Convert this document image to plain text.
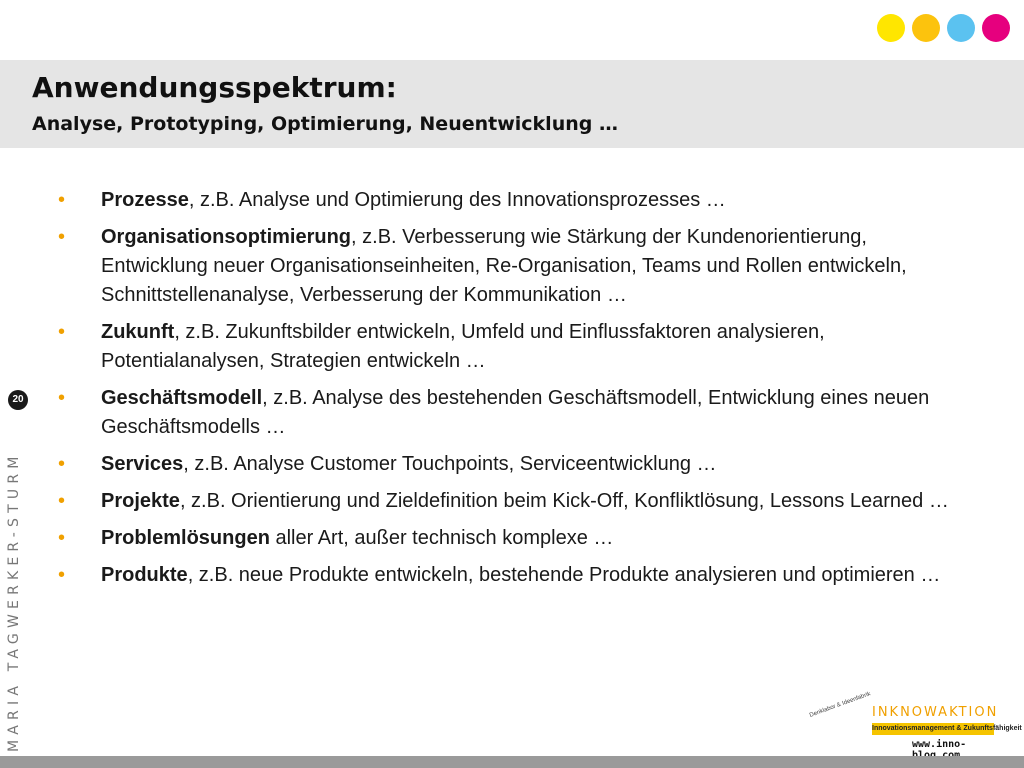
Anwendungsspektrum:
Analyse, Prototyping, Optimierung, Neuentwicklung …
20
MARIA TAGWERKER-STURM
• Prozesse, z.B. Analyse und Optimierung des Innovationsprozesses …
• Organisationsoptimierung, z.B. Verbesserung wie Stärkung der Kundenorientierung, Entwicklung neuer Organisationseinheiten, Re-Organisation, Teams und Rollen entwickeln, Schnittstellenanalyse, Verbesserung der Kommunikation …
• Zukunft, z.B. Zukunftsbilder entwickeln, Umfeld und Einflussfaktoren analysieren, Potentialanalysen, Strategien entwickeln …
• Geschäftsmodell, z.B. Analyse des bestehenden Geschäftsmodell, Entwicklung eines neuen Geschäftsmodells …
• Services, z.B. Analyse Customer Touchpoints, Serviceentwicklung …
• Projekte, z.B. Orientierung und Zieldefinition beim Kick-Off, Konfliktlösung, Lessons Learned …
• Problemlösungen aller Art, außer technisch komplexe …
• Produkte, z.B. neue Produkte entwickeln, bestehende Produkte analysieren und optimieren …
Denklabor & Ideenfabrik INKNOWAKTION
Innovationsmanagement & Zukunftsfähigkeit
www.inno-
